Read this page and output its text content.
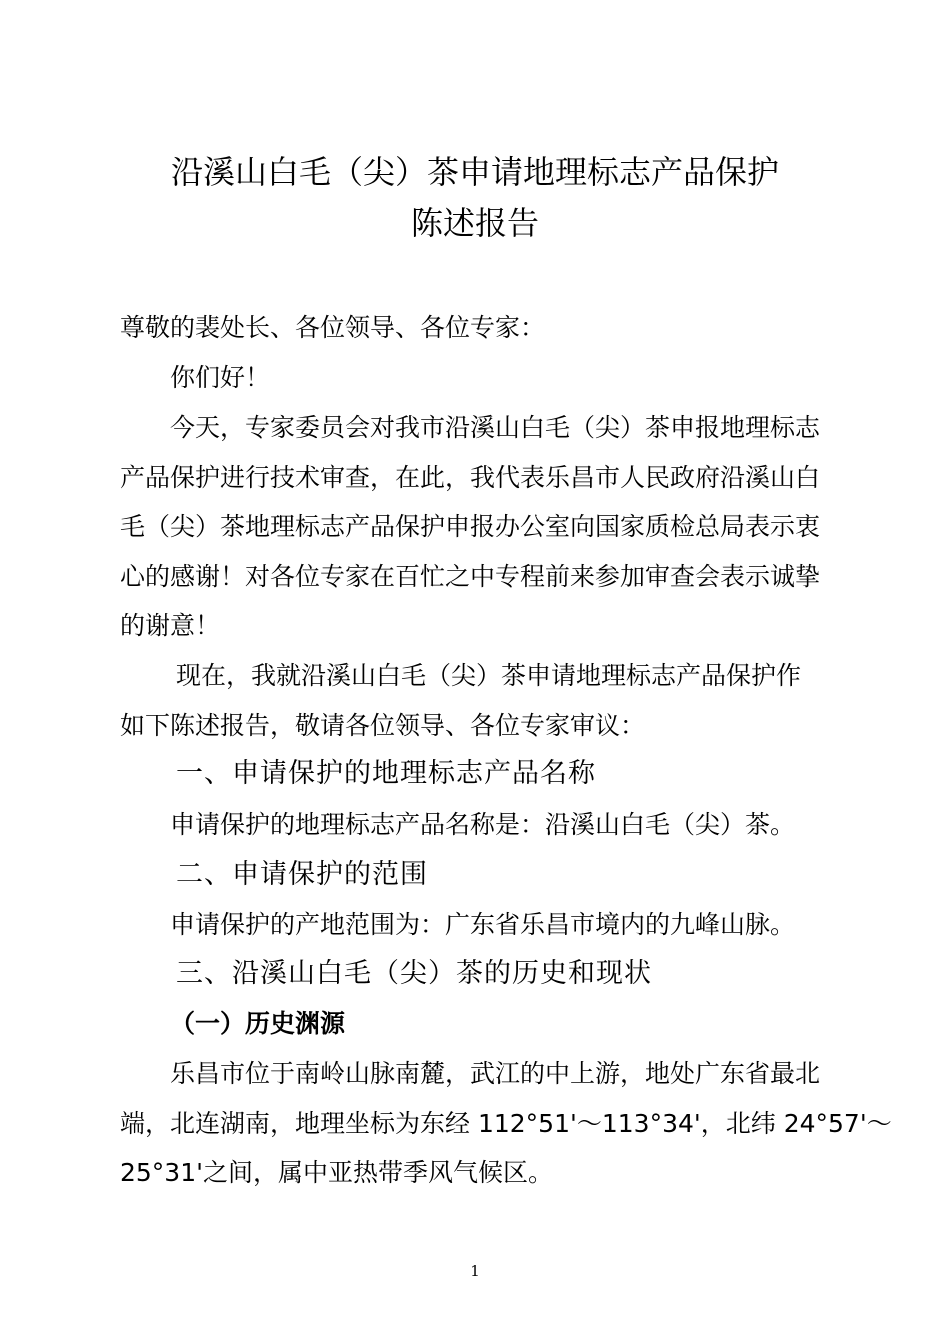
沿溪山白毛（尖）茶申请地理标志产品保护
陈述报告

尊敬的裴处长、各位领导、各位专家：

你们好！

今天，专家委员会对我市沿溪山白毛（尖）茶申报地理标志

产品保护进行技术审查，在此，我代表乐昌市人民政府沿溪山白

毛（尖）茶地理标志产品保护申报办公室向国家质检总局表示衷

心的感谢！对各位专家在百忙之中专程前来参加审查会表示诚挚

的谢意！

现在，我就沿溪山白毛（尖）茶申请地理标志产品保护作

如下陈述报告，敬请各位领导、各位专家审议：

一、申请保护的地理标志产品名称

申请保护的地理标志产品名称是：沿溪山白毛（尖）茶。

二、申请保护的范围

申请保护的产地范围为：广东省乐昌市境内的九峰山脉。

三、沿溪山白毛（尖）茶的历史和现状

（一）历史渊源

乐昌市位于南岭山脉南麓，武江的中上游，地处广东省最北

端，北连湖南，地理坐标为东经 112°51'～113°34'，北纬 24°57'～

25°31'之间，属中亚热带季风气候区。

1
